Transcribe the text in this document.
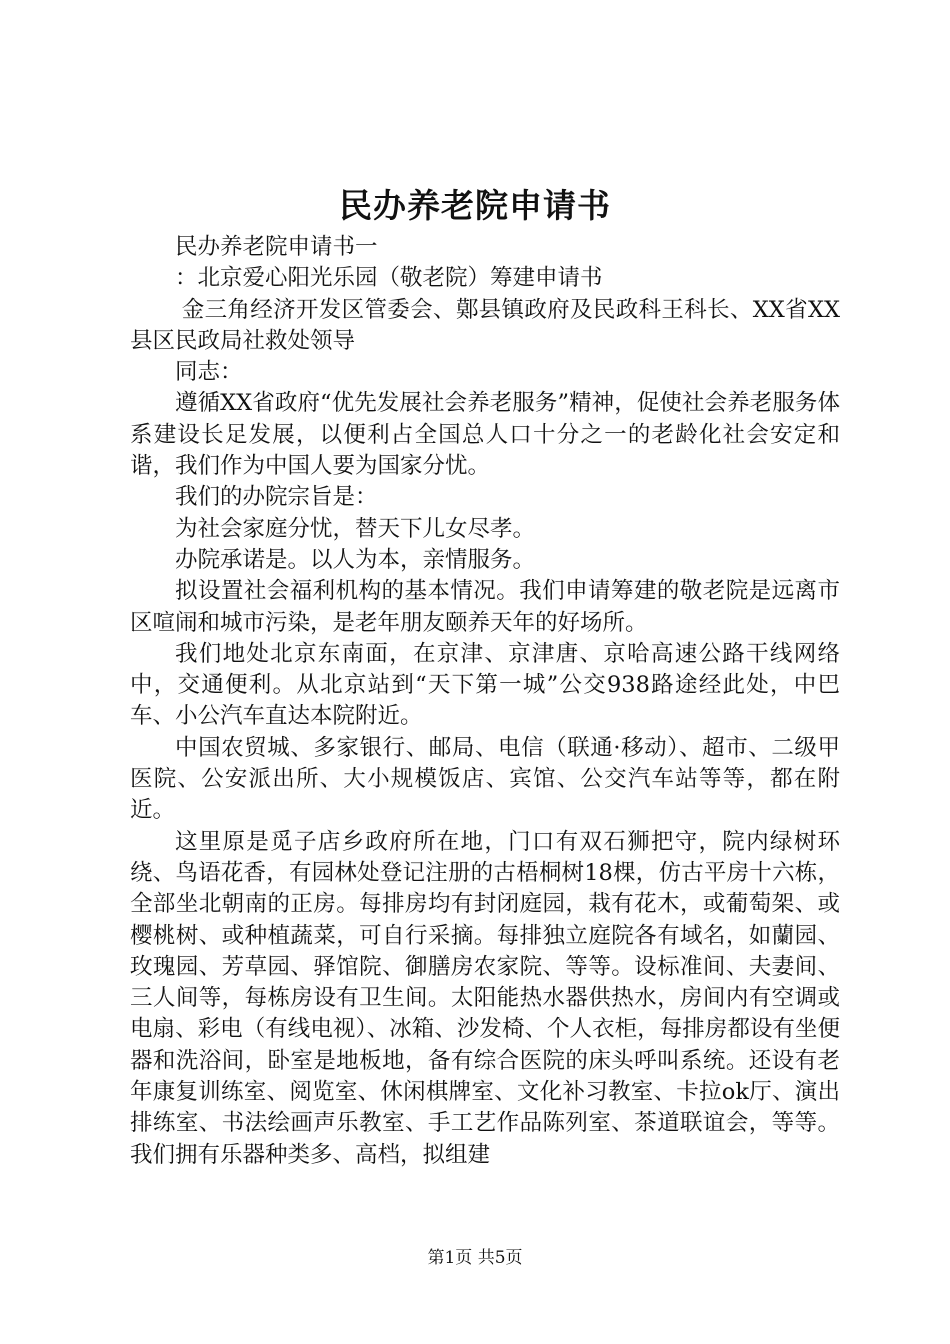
民办养老院申请书

民办养老院申请书一

：北京爱心阳光乐园（敬老院）筹建申请书

金三角经济开发区管委会、鄚县镇政府及民政科王科长、XX省XX县区民政局社救处领导

同志：

遵循XX省政府“优先发展社会养老服务”精神，促使社会养老服务体系建设长足发展，以便利占全国总人口十分之一的老龄化社会安定和谐，我们作为中国人要为国家分忧。

我们的办院宗旨是：

为社会家庭分忧，替天下儿女尽孝。

办院承诺是。以人为本，亲情服务。

拟设置社会福利机构的基本情况。我们申请筹建的敬老院是远离市区喧闹和城市污染，是老年朋友颐养天年的好场所。

我们地处北京东南面，在京津、京津唐、京哈高速公路干线网络中，交通便利。从北京站到“天下第一城”公交938路途经此处，中巴车、小公汽车直达本院附近。

中国农贸城、多家银行、邮局、电信（联通·移动）、超市、二级甲医院、公安派出所、大小规模饭店、宾馆、公交汽车站等等，都在附近。

这里原是觅子店乡政府所在地，门口有双石狮把守，院内绿树环绕、鸟语花香，有园林处登记注册的古梧桐树18棵，仿古平房十六栋，全部坐北朝南的正房。每排房均有封闭庭园，栽有花木，或葡萄架、或樱桃树、或种植蔬菜，可自行采摘。每排独立庭院各有域名，如蘭园、玫瑰园、芳草园、驿馆院、御膳房农家院、等等。设标准间、夫妻间、三人间等，每栋房设有卫生间。太阳能热水器供热水，房间内有空调或电扇、彩电（有线电视）、冰箱、沙发椅、个人衣柜，每排房都设有坐便器和洗浴间，卧室是地板地，备有综合医院的床头呼叫系统。还设有老年康复训练室、阅览室、休闲棋牌室、文化补习教室、卡拉ok厅、演出排练室、书法绘画声乐教室、手工艺作品陈列室、茶道联谊会，等等。我们拥有乐器种类多、高档，拟组建

第1页 共5页
